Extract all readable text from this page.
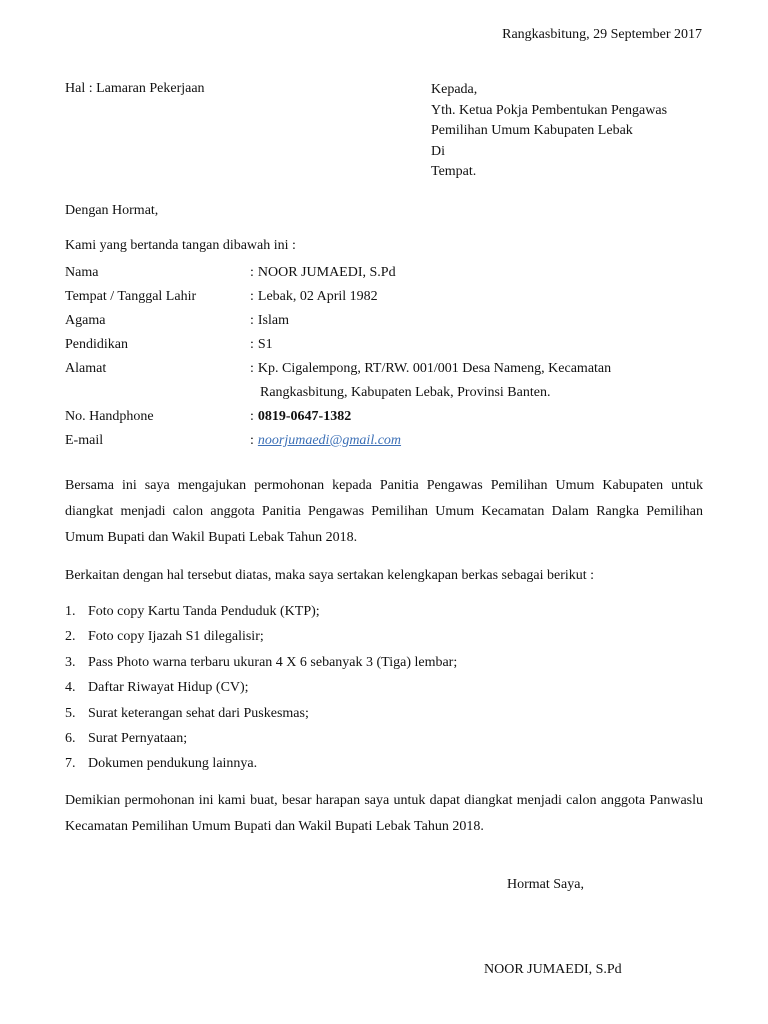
Rangkasbitung, 29 September 2017
Hal : Lamaran Pekerjaan	Kepada,
Yth. Ketua Pokja Pembentukan Pengawas
Pemilihan Umum Kabupaten Lebak
Di
Tempat.
Dengan Hormat,
Kami yang bertanda tangan dibawah ini :
Nama	: NOOR JUMAEDI, S.Pd
Tempat / Tanggal Lahir	: Lebak, 02 April 1982
Agama	: Islam
Pendidikan	: S1
Alamat	: Kp. Cigalempong, RT/RW. 001/001 Desa Nameng, Kecamatan
Rangkasbitung, Kabupaten Lebak, Provinsi Banten.
No. Handphone	: 0819-0647-1382
E-mail	: noorjumaedi@gmail.com
Bersama ini saya mengajukan permohonan kepada Panitia Pengawas Pemilihan Umum Kabupaten untuk diangkat menjadi calon anggota Panitia Pengawas Pemilihan Umum Kecamatan Dalam Rangka Pemilihan Umum Bupati dan Wakil Bupati Lebak Tahun 2018.
Berkaitan dengan hal tersebut diatas, maka saya sertakan kelengkapan berkas sebagai berikut :
1. Foto copy Kartu Tanda Penduduk (KTP);
2. Foto copy Ijazah S1 dilegalisir;
3. Pass Photo warna terbaru ukuran 4 X 6 sebanyak 3 (Tiga) lembar;
4. Daftar Riwayat Hidup (CV);
5. Surat keterangan sehat dari Puskesmas;
6. Surat Pernyataan;
7. Dokumen pendukung lainnya.
Demikian permohonan ini kami buat, besar harapan saya untuk dapat diangkat menjadi calon anggota Panwaslu Kecamatan Pemilihan Umum Bupati dan Wakil Bupati Lebak Tahun 2018.
Hormat Saya,
NOOR JUMAEDI, S.Pd
